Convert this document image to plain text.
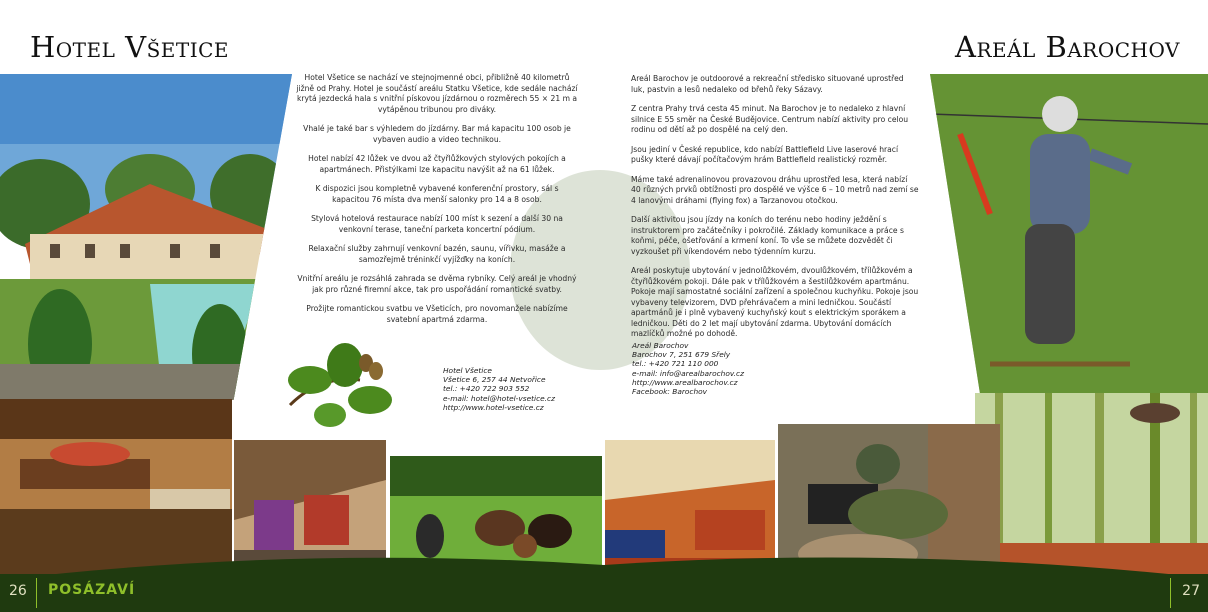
Hotel Všetice	Areál Barochov

Hotel Všetice se nachází ve stejnojmenné obci, přibližně 40 kilometrů jižně od Prahy. Hotel je součástí areálu Statku Všetice, kde sedále nachází krytá jezdecká hala s vnitřní pískovou jízdárnou o rozměrech 55 × 21 m a vytápěnou tribunou pro diváky.

Vhalé je také bar s výhledem do jízdárny. Bar má kapacitu 100 osob je vybaven audio a video technikou.

Hotel nabízí 42 lůžek ve dvou až čtyřlůžkových stylových pokojích a apartmánech. Přistýlkami lze kapacitu navýšit až na 61 lůžek.

K dispozici jsou kompletně vybavené konferenční prostory, sál s kapacitou 76 místa dva menší salonky pro 14 a 8 osob.

Stylová hotelová restaurace nabízí 100 míst k sezení a další 30 na venkovní terase, taneční parketa koncertní pódium.

Relaxační služby zahrnují venkovní bazén, saunu, vířivku, masáže a samozřejmě tréninkčí vyjížďky na koních.

Vnitřní areálu je rozsáhlá zahrada se dvěma rybníky. Celý areál je vhodný jak pro různé firemní akce, tak pro uspořádání romantické svatby.

Prožijte romantickou svatbu ve Všeticích, pro novomanžele nabízíme svatební apartmá zdarma.

Hotel Všetice
Všetice 6, 257 44 Netvořice
tel.: +420 722 903 552
e-mail: hotel@hotel-vsetice.cz
http://www.hotel-vsetice.cz

Areál Barochov je outdoorové a rekreační středisko situované uprostřed luk, pastvin a lesů nedaleko od břehů řeky Sázavy.

Z centra Prahy trvá cesta 45 minut. Na Barochov je to nedaleko z hlavní silnice E 55 směr na České Budějovice. Centrum nabízí aktivity pro celou rodinu od dětí až po dospělé na celý den.

Jsou jediní v České republice, kdo nabízí Battlefield Live laserové hrací pušky které dávají počítačovým hrám Battlefield realistický rozměr.

Máme také adrenalinovou provazovou dráhu uprostřed lesa, která nabízí 40 různých prvků obtížnosti pro dospělé ve výšce 6 – 10 metrů nad zemí se 4 lanovými dráhami (flying fox) a Tarzanovou otočkou.

Další aktivitou jsou jízdy na koních do terénu nebo hodiny ježdění s instruktorem pro začátečníky i pokročilé. Základy komunikace a práce s koňmi, péče, ošetřování a krmení koní. To vše se můžete dozvědět či vyzkoušet při víkendovém nebo týdenním kurzu.

Areál poskytuje ubytování v jednolůžkovém, dvoulůžkovém, třílůžkovém a čtyřlůžkovém pokoji. Dále pak v třílůžkovém a šestilůžkovém apartmánu. Pokoje mají samostatné sociální zařízení a společnou kuchyňku. Pokoje jsou vybaveny televizorem, DVD přehrávačem a mini ledničkou. Součástí apartmánů je i plně vybavený kuchyňský kout s elektrickým sporákem a ledničkou. Děti do 2 let mají ubytování zdarma. Ubytování domácích mazlíčků možné po dohodě.

Areál Barochov
Barochov 7, 251 679 Sřely
tel.: +420 721 110 000
e-mail: info@arealbarochov.cz
http://www.arealbarochov.cz
Facebook: Barochov
26 POSÁZAVÍ	27
